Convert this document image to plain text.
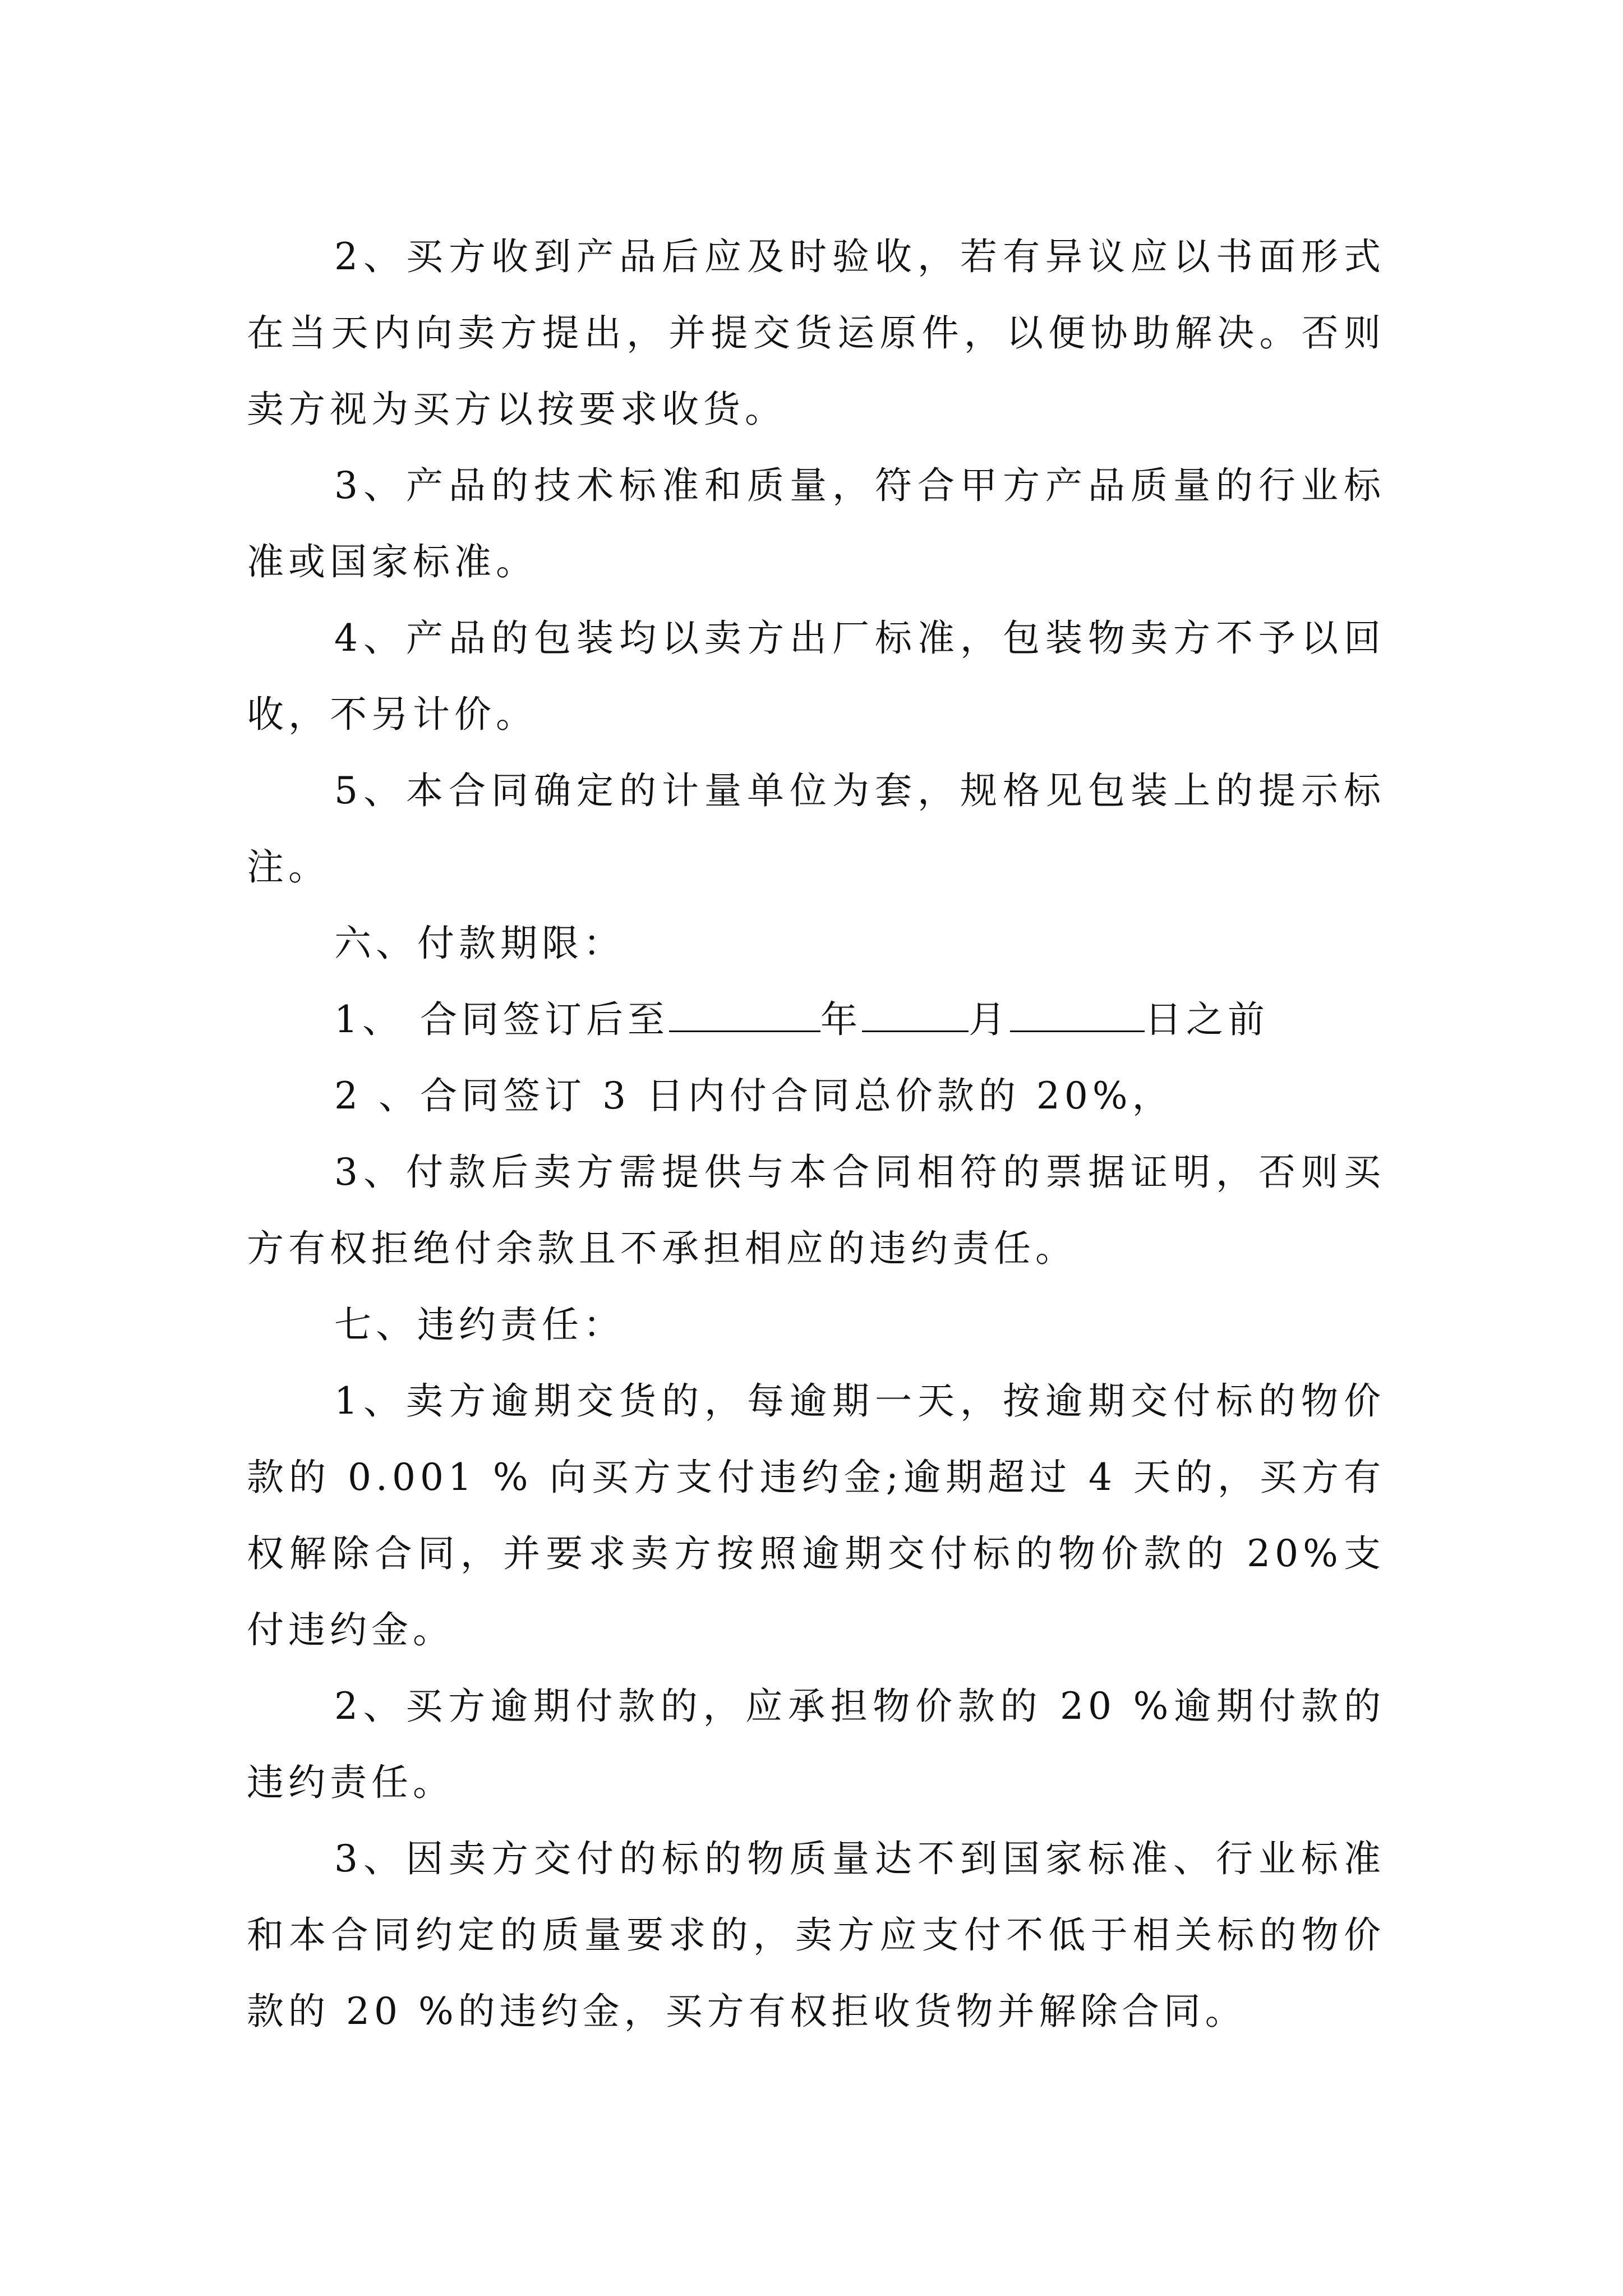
2、买方收到产品后应及时验收，若有异议应以书面形式在当天内向卖方提出，并提交货运原件，以便协助解决。否则卖方视为买方以按要求收货。

3、产品的技术标准和质量，符合甲方产品质量的行业标准或国家标准。

4、产品的包装均以卖方出厂标准，包装物卖方不予以回收，不另计价。

5、本合同确定的计量单位为套，规格见包装上的提示标注。

六、付款期限：

1、 合同签订后至	年	月	日之前

2 、合同签订 3 日内付合同总价款的 20%，

3、付款后卖方需提供与本合同相符的票据证明，否则买方有权拒绝付余款且不承担相应的违约责任。

七、违约责任：

1、卖方逾期交货的，每逾期一天，按逾期交付标的物价款的 0.001 % 向买方支付违约金;逾期超过 4 天的，买方有权解除合同，并要求卖方按照逾期交付标的物价款的 20%支付违约金。

2、买方逾期付款的，应承担物价款的 20 %逾期付款的违约责任。

3、因卖方交付的标的物质量达不到国家标准、行业标准和本合同约定的质量要求的，卖方应支付不低于相关标的物价款的 20 %的违约金，买方有权拒收货物并解除合同。
